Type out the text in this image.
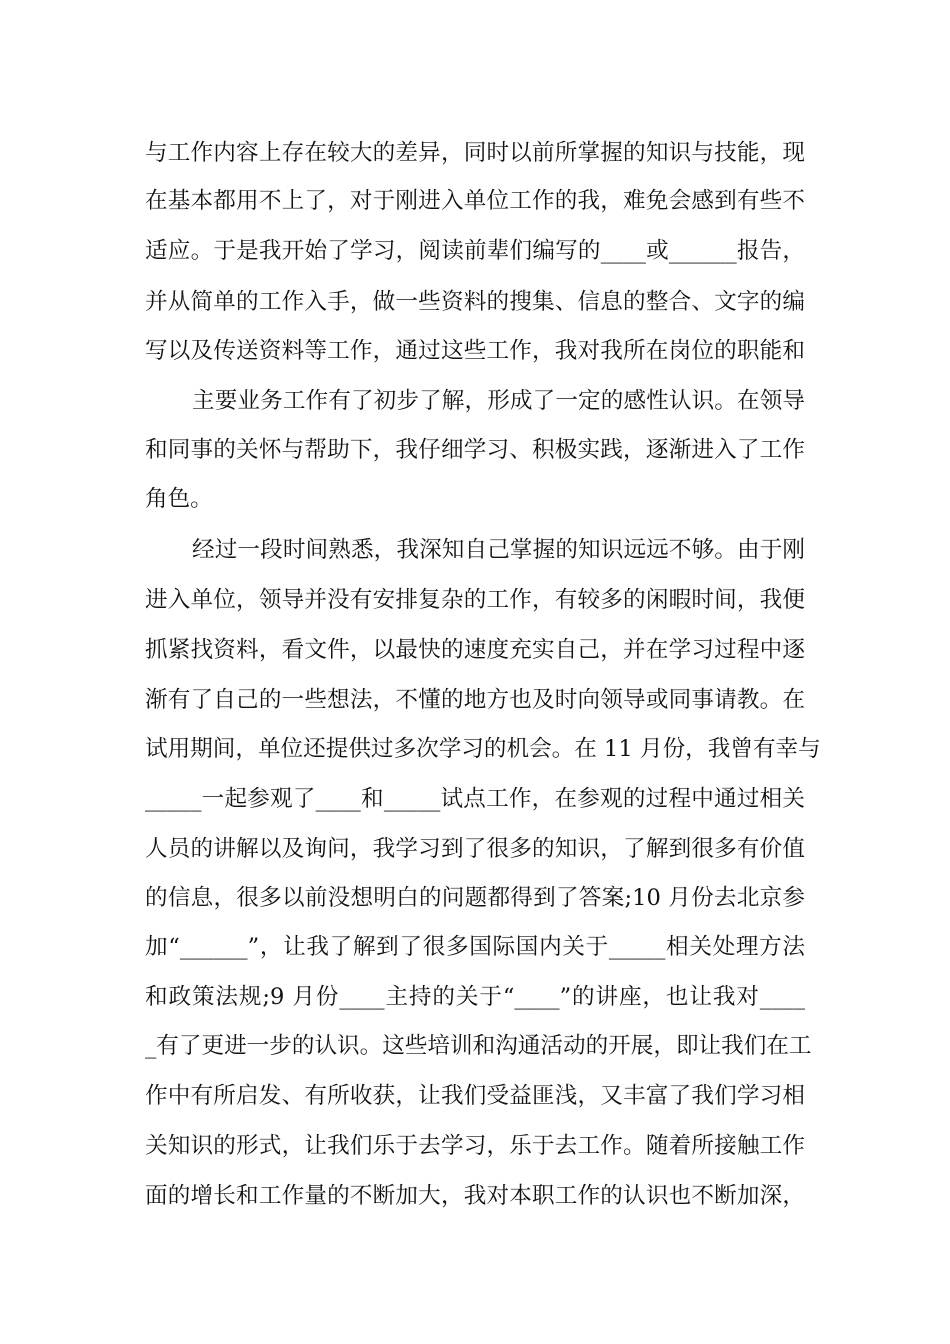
与工作内容上存在较大的差异，同时以前所掌握的知识与技能，现

在基本都用不上了，对于刚进入单位工作的我，难免会感到有些不

适应。于是我开始了学习，阅读前辈们编写的____或______报告，

并从简单的工作入手，做一些资料的搜集、信息的整合、文字的编

写以及传送资料等工作，通过这些工作，我对我所在岗位的职能和

主要业务工作有了初步了解，形成了一定的感性认识。在领导

和同事的关怀与帮助下，我仔细学习、积极实践，逐渐进入了工作

角色。

经过一段时间熟悉，我深知自己掌握的知识远远不够。由于刚

进入单位，领导并没有安排复杂的工作，有较多的闲暇时间，我便

抓紧找资料，看文件，以最快的速度充实自己，并在学习过程中逐

渐有了自己的一些想法，不懂的地方也及时向领导或同事请教。在

试用期间，单位还提供过多次学习的机会。在 11 月份，我曾有幸与

_____一起参观了____和_____试点工作，在参观的过程中通过相关

人员的讲解以及询问，我学习到了很多的知识，了解到很多有价值

的信息，很多以前没想明白的问题都得到了答案;10 月份去北京参

加“______”，让我了解到了很多国际国内关于_____相关处理方法

和政策法规;9 月份____主持的关于“____”的讲座，也让我对____

_有了更进一步的认识。这些培训和沟通活动的开展，即让我们在工

作中有所启发、有所收获，让我们受益匪浅，又丰富了我们学习相

关知识的形式，让我们乐于去学习，乐于去工作。随着所接触工作

面的增长和工作量的不断加大，我对本职工作的认识也不断加深，
